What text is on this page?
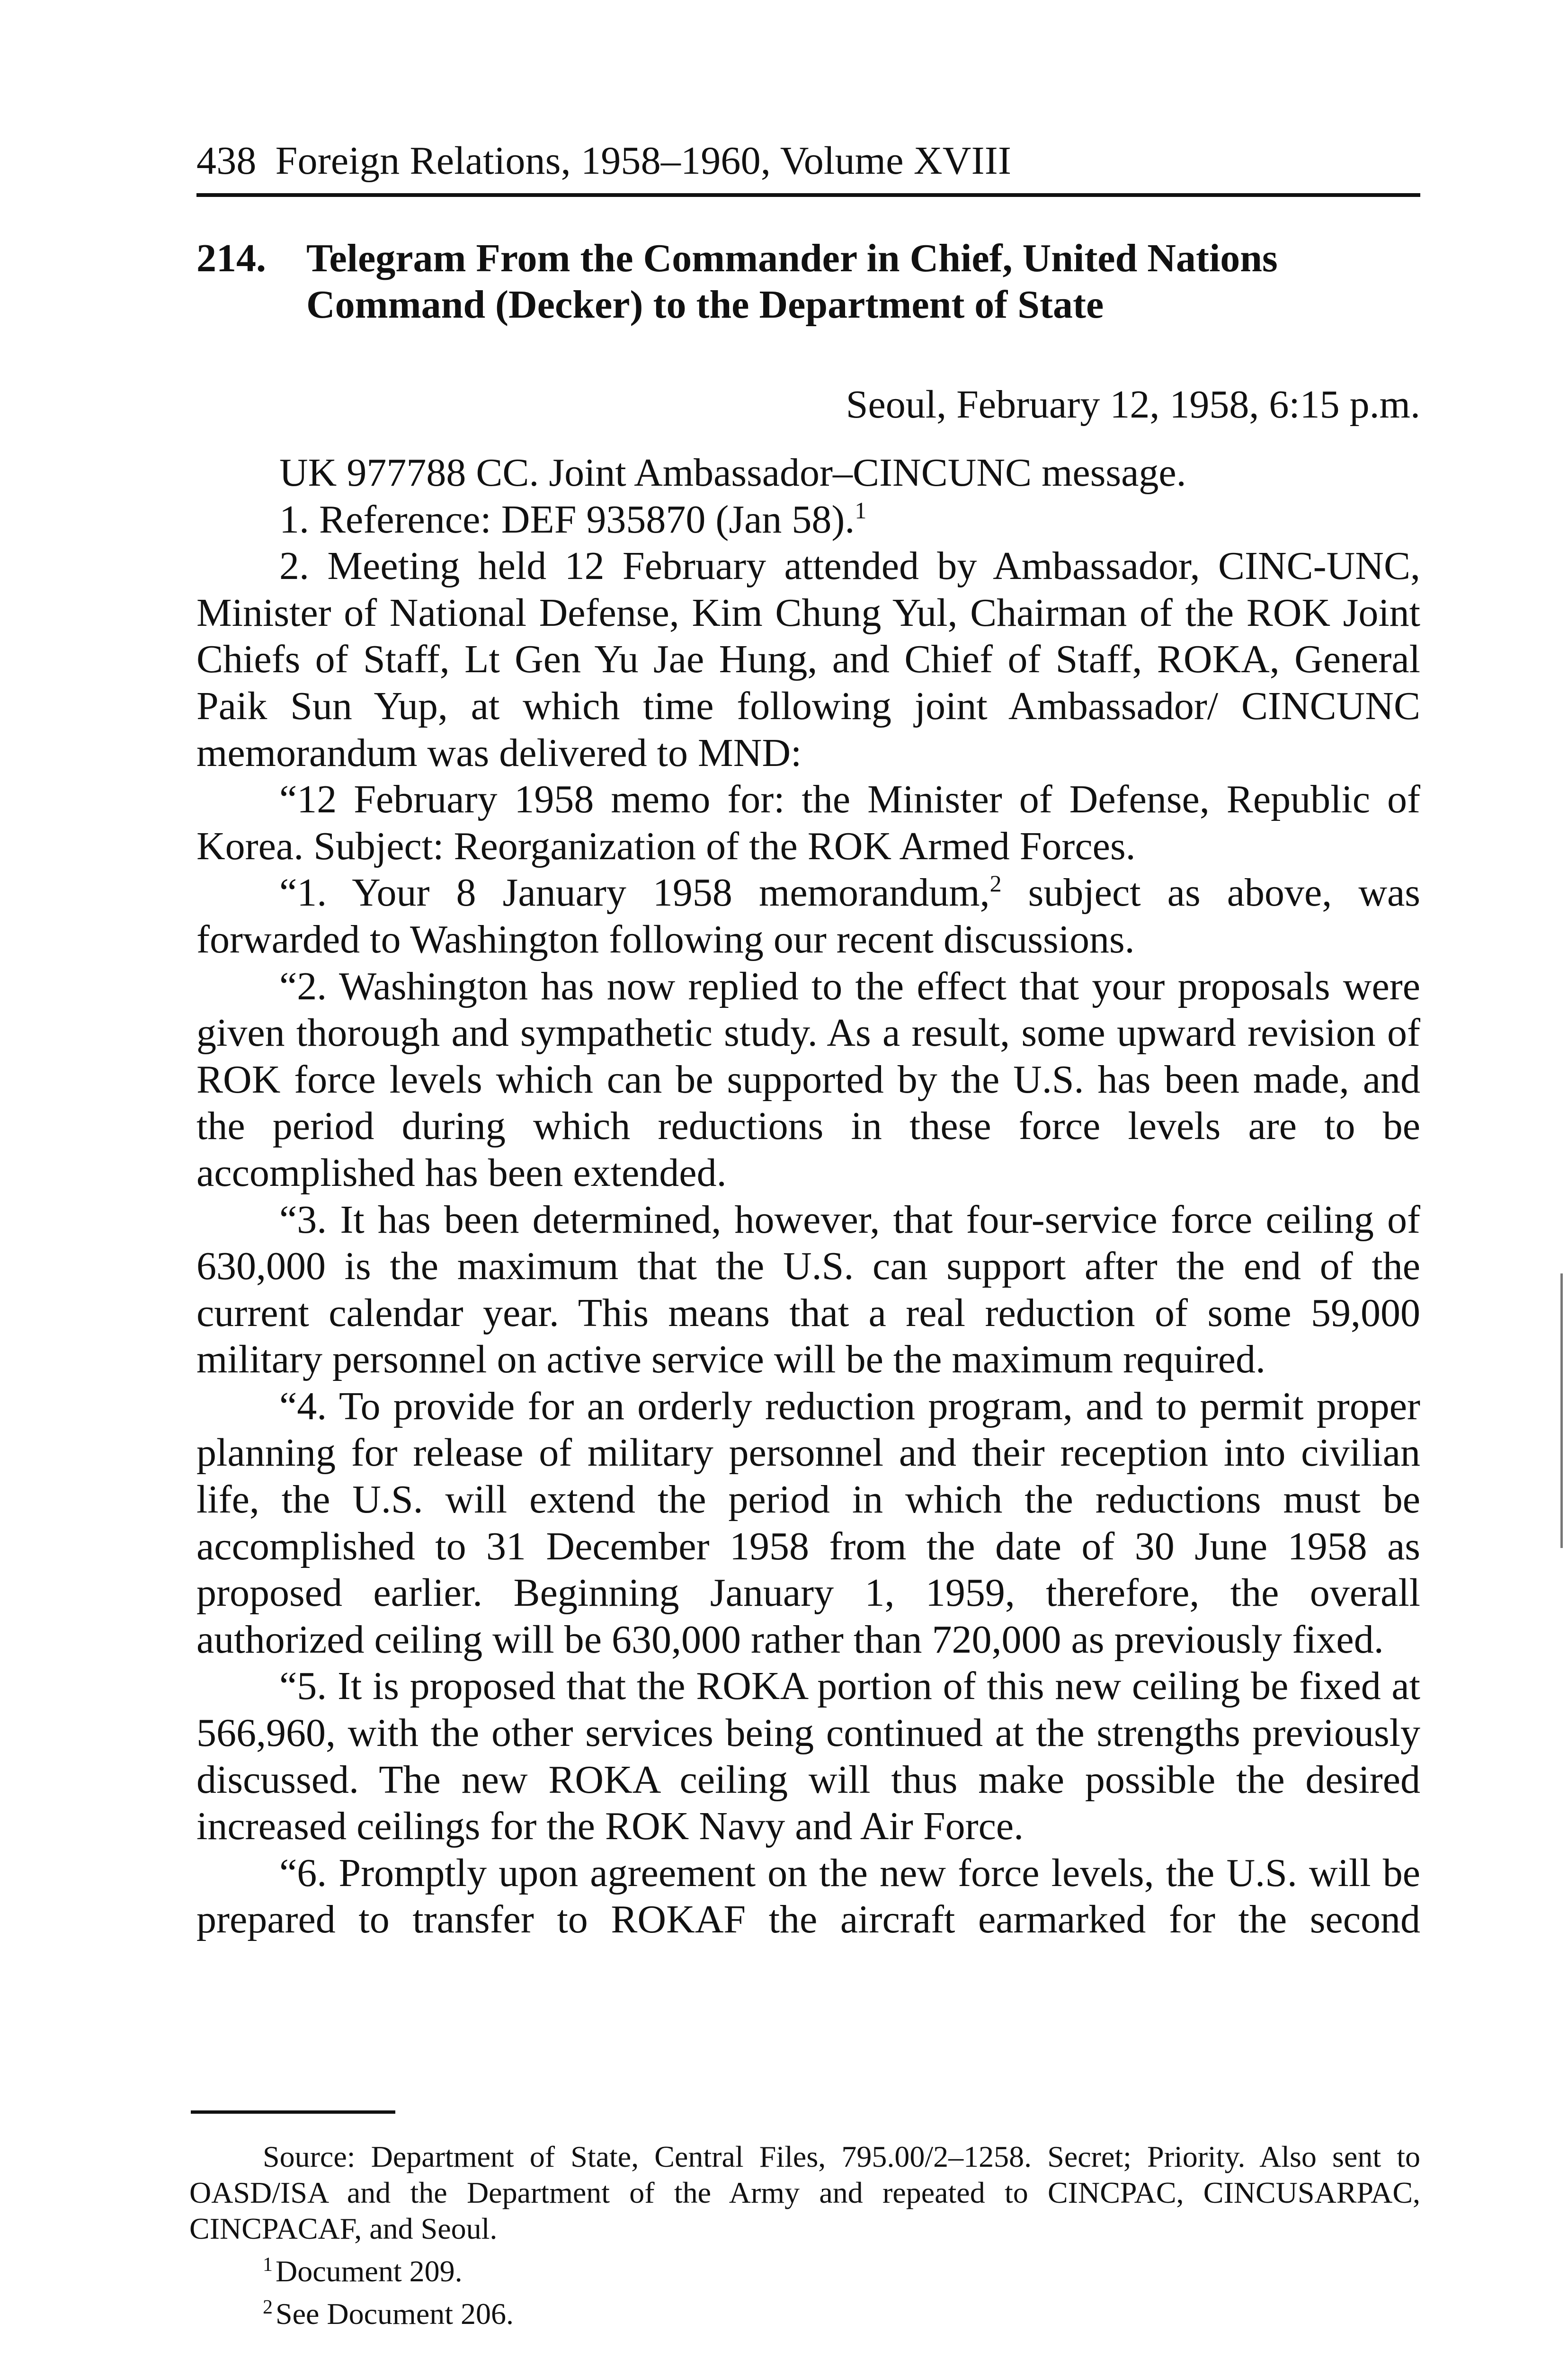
438 Foreign Relations, 1958–1960, Volume XVIII
214. Telegram From the Commander in Chief, United Nations Command (Decker) to the Department of State
Seoul, February 12, 1958, 6:15 p.m.

UK 977788 CC. Joint Ambassador–CINCUNC message.

1. Reference: DEF 935870 (Jan 58).$^1$

2. Meeting held 12 February attended by Ambassador, CINC-UNC, Minister of National Defense, Kim Chung Yul, Chairman of the ROK Joint Chiefs of Staff, Lt Gen Yu Jae Hung, and Chief of Staff, ROKA, General Paik Sun Yup, at which time following joint Ambassador/ CINCUNC memorandum was delivered to MND:

“12 February 1958 memo for: the Minister of Defense, Republic of Korea. Subject: Reorganization of the ROK Armed Forces.

“1. Your 8 January 1958 memorandum,$^2$ subject as above, was forwarded to Washington following our recent discussions.

“2. Washington has now replied to the effect that your proposals were given thorough and sympathetic study. As a result, some upward revision of ROK force levels which can be supported by the U.S. has been made, and the period during which reductions in these force levels are to be accomplished has been extended.

“3. It has been determined, however, that four-service force ceiling of 630,000 is the maximum that the U.S. can support after the end of the current calendar year. This means that a real reduction of some 59,000 military personnel on active service will be the maximum required.

“4. To provide for an orderly reduction program, and to permit proper planning for release of military personnel and their reception into civilian life, the U.S. will extend the period in which the reductions must be accomplished to 31 December 1958 from the date of 30 June 1958 as proposed earlier. Beginning January 1, 1959, therefore, the overall authorized ceiling will be 630,000 rather than 720,000 as previously fixed.

“5. It is proposed that the ROKA portion of this new ceiling be fixed at 566,960, with the other services being continued at the strengths previously discussed. The new ROKA ceiling will thus make possible the desired increased ceilings for the ROK Navy and Air Force.

“6. Promptly upon agreement on the new force levels, the U.S. will be prepared to transfer to ROKAF the aircraft earmarked for the second

Source: Department of State, Central Files, 795.00/2–1258. Secret; Priority. Also sent to OASD/ISA and the Department of the Army and repeated to CINCPAC, CINCUSARPAC, CINCPACAF, and Seoul.

$^1$Document 209.

$^2$See Document 206.
